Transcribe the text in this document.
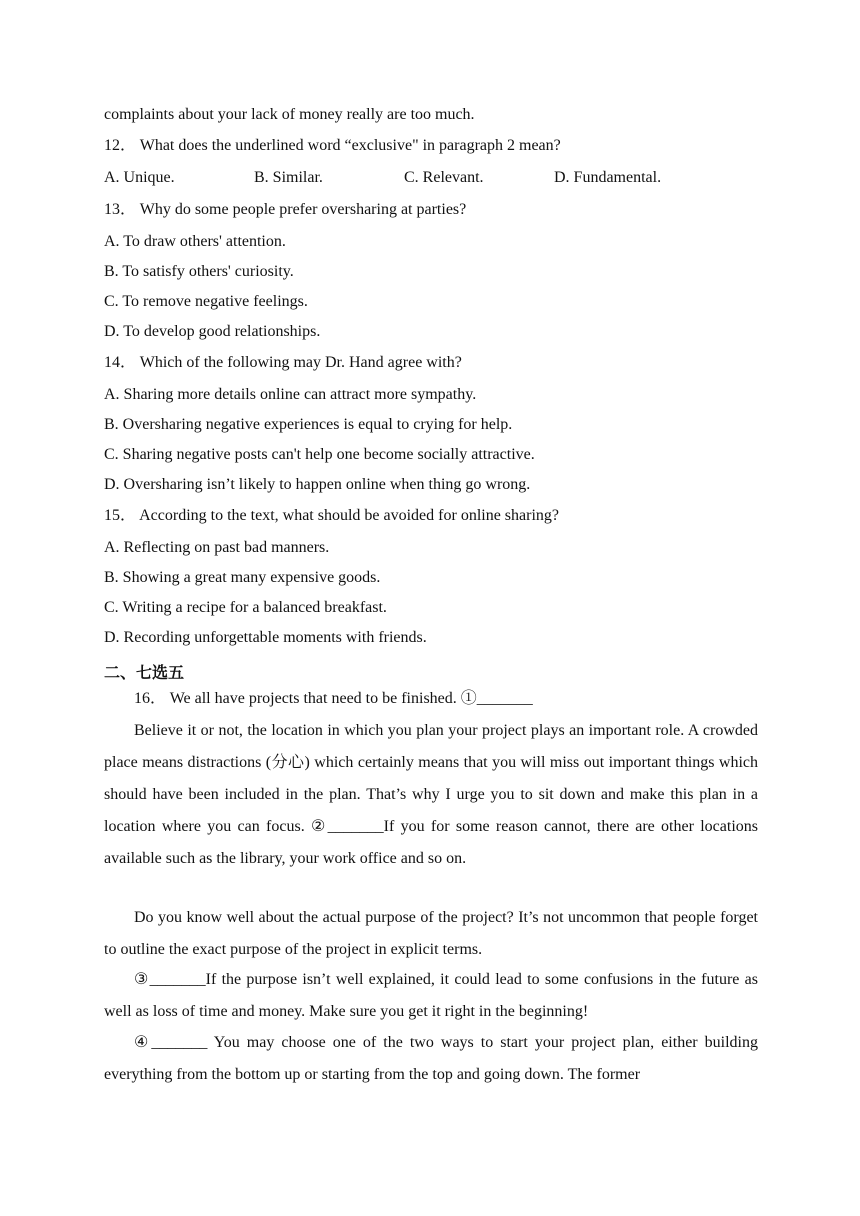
complaints about your lack of money really are too much.
12． What does the underlined word “exclusive" in paragraph 2 mean?
A. Unique.	B. Similar.	C. Relevant.	D. Fundamental.
13． Why do some people prefer oversharing at parties?
A. To draw others' attention.
B. To satisfy others' curiosity.
C. To remove negative feelings.
D. To develop good relationships.
14． Which of the following may Dr. Hand agree with?
A. Sharing more details online can attract more sympathy.
B. Oversharing negative experiences is equal to crying for help.
C. Sharing negative posts can't help one become socially attractive.
D. Oversharing isn’t likely to happen online when thing go wrong.
15． According to the text, what should be avoided for online sharing?
A. Reflecting on past bad manners.
B. Showing a great many expensive goods.
C. Writing a recipe for a balanced breakfast.
D. Recording unforgettable moments with friends.
二、七选五
16． We all have projects that need to be finished. ①_______
Believe it or not, the location in which you plan your project plays an important role. A crowded place means distractions (分心) which certainly means that you will miss out important things which should have been included in the plan. That’s why I urge you to sit down and make this plan in a location where you can focus. ②_______If you for some reason cannot, there are other locations available such as the library, your work office and so on.
Do you know well about the actual purpose of the project? It’s not uncommon that people forget to outline the exact purpose of the project in explicit terms.
③_______If the purpose isn’t well explained, it could lead to some confusions in the future as well as loss of time and money. Make sure you get it right in the beginning!
④_______ You may choose one of the two ways to start your project plan, either building everything from the bottom up or starting from the top and going down. The former
